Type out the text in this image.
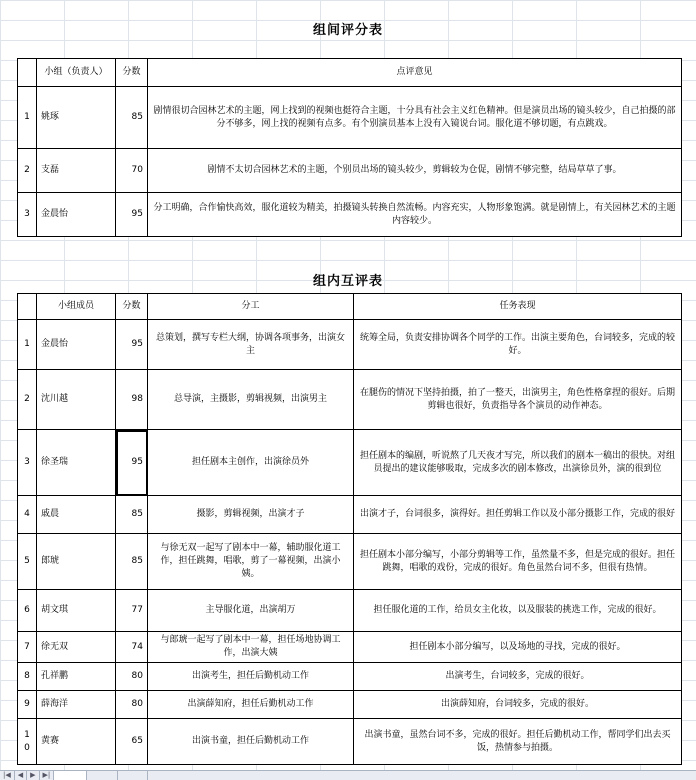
组间评分表
	小组（负责人）	分数	点评意见
1	姚琢	85	剧情很切合园林艺术的主题，网上找到的视频也挺符合主题，十分具有社会主义红色精神。但是演员出场的镜头较少，自己拍摄的部分不够多，网上找的视频有点多。有个别演员基本上没有入镜说台词。服化道不够切题，有点跳戏。
2	支磊	70	剧情不太切合园林艺术的主题，个别员出场的镜头较少，剪辑较为仓促，剧情不够完整，结局草草了事。
3	金晨怡	95	分工明确，合作愉快高效，服化道较为精美，拍摄镜头转换自然流畅。内容充实，人物形象饱满。就是剧情上，有关园林艺术的主题内容较少。
组内互评表
	小组成员	分数	分工	任务表现
1	金晨怡	95	总策划，撰写专栏大纲，协调各项事务，出演女主	统筹全局，负责安排协调各个同学的工作。出演主要角色，台词较多，完成的较好。
2	沈川越	98	总导演，主摄影，剪辑视频，出演男主	在腿伤的情况下坚持拍摄，拍了一整天，出演男主，角色性格拿捏的很好。后期剪辑也很好，负责指导各个演员的动作神态。
3	徐圣瑞	95	担任剧本主创作，出演徐员外	担任剧本的编剧，听说熬了几天夜才写完，所以我们的剧本一稿出的很快。对组员提出的建议能够吸取，完成多次的剧本修改，出演徐员外，演的很到位
4	戚晨	85	摄影，剪辑视频，出演才子	出演才子，台词很多，演得好。担任剪辑工作以及小部分摄影工作，完成的很好
5	郎琥	85	与徐无双一起写了剧本中一幕，辅助服化道工作，担任跳舞，唱歌，剪了一幕视频，出演小姨。	担任剧本小部分编写，小部分剪辑等工作，虽然量不多，但是完成的很好。担任跳舞，唱歌的戏份，完成的很好。角色虽然台词不多，但很有热情。
6	胡文琪	77	主导服化道，出演胡万	担任服化道的工作，给员女主化妆，以及服装的挑选工作，完成的很好。
7	徐无双	74	与郎琥一起写了剧本中一幕，担任场地协调工作，出演大姨	担任剧本小部分编写，以及场地的寻找，完成的很好。
8	孔祥鹏	80	出演考生，担任后勤机动工作	出演考生，台词较多，完成的很好。
9	薛海洋	80	出演薛知府，担任后勤机动工作	出演薛知府，台词较多，完成的很好。
10	黄赛	65	出演书童，担任后勤机动工作	出演书童，虽然台词不多，完成的很好。担任后勤机动工作，帮同学们出去买饭，热情参与拍摄。
|◀ ◀ ▶ ▶|
